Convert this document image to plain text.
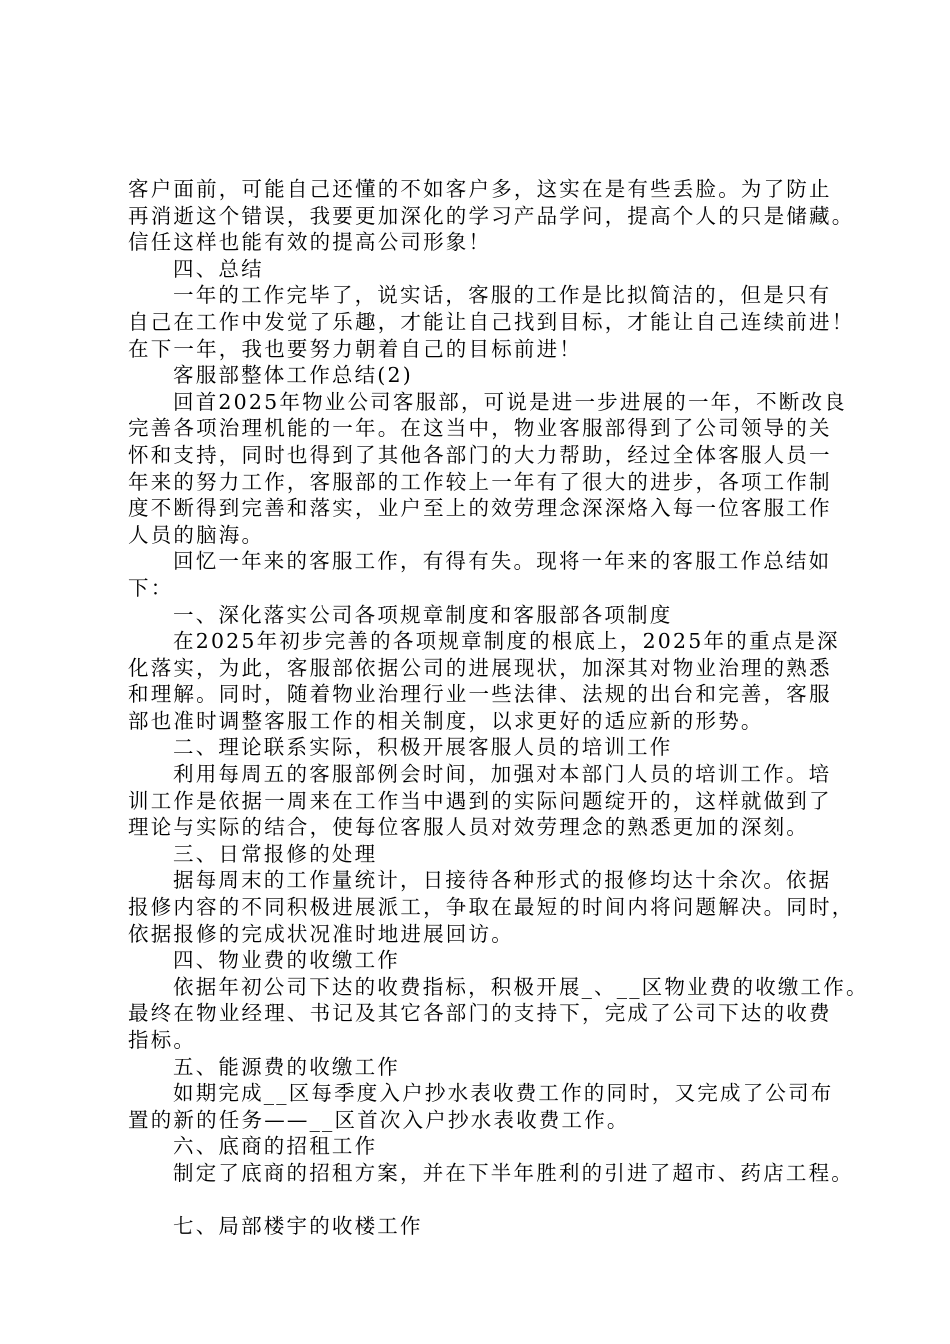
客户面前，可能自己还懂的不如客户多，这实在是有些丢脸。为了防止
再消逝这个错误，我要更加深化的学习产品学问，提高个人的只是储藏。
信任这样也能有效的提高公司形象！
四、总结
一年的工作完毕了，说实话，客服的工作是比拟简洁的，但是只有
自己在工作中发觉了乐趣，才能让自己找到目标，才能让自己连续前进！
在下一年，我也要努力朝着自己的目标前进！
客服部整体工作总结(2)
回首2025年物业公司客服部，可说是进一步进展的一年，不断改良
完善各项治理机能的一年。在这当中，物业客服部得到了公司领导的关
怀和支持，同时也得到了其他各部门的大力帮助，经过全体客服人员一
年来的努力工作，客服部的工作较上一年有了很大的进步，各项工作制
度不断得到完善和落实，业户至上的效劳理念深深烙入每一位客服工作
人员的脑海。
回忆一年来的客服工作，有得有失。现将一年来的客服工作总结如
下：
一、深化落实公司各项规章制度和客服部各项制度
在2025年初步完善的各项规章制度的根底上，2025年的重点是深
化落实，为此，客服部依据公司的进展现状，加深其对物业治理的熟悉
和理解。同时，随着物业治理行业一些法律、法规的出台和完善，客服
部也准时调整客服工作的相关制度，以求更好的适应新的形势。
二、理论联系实际，积极开展客服人员的培训工作
利用每周五的客服部例会时间，加强对本部门人员的培训工作。培
训工作是依据一周来在工作当中遇到的实际问题绽开的，这样就做到了
理论与实际的结合，使每位客服人员对效劳理念的熟悉更加的深刻。
三、日常报修的处理
据每周末的工作量统计，日接待各种形式的报修均达十余次。依据
报修内容的不同积极进展派工，争取在最短的时间内将问题解决。同时，
依据报修的完成状况准时地进展回访。
四、物业费的收缴工作
依据年初公司下达的收费指标，积极开展_、__区物业费的收缴工作。
最终在物业经理、书记及其它各部门的支持下，完成了公司下达的收费
指标。
五、能源费的收缴工作
如期完成__区每季度入户抄水表收费工作的同时，又完成了公司布
置的新的任务——__区首次入户抄水表收费工作。
六、底商的招租工作
制定了底商的招租方案，并在下半年胜利的引进了超市、药店工程。
七、局部楼宇的收楼工作
